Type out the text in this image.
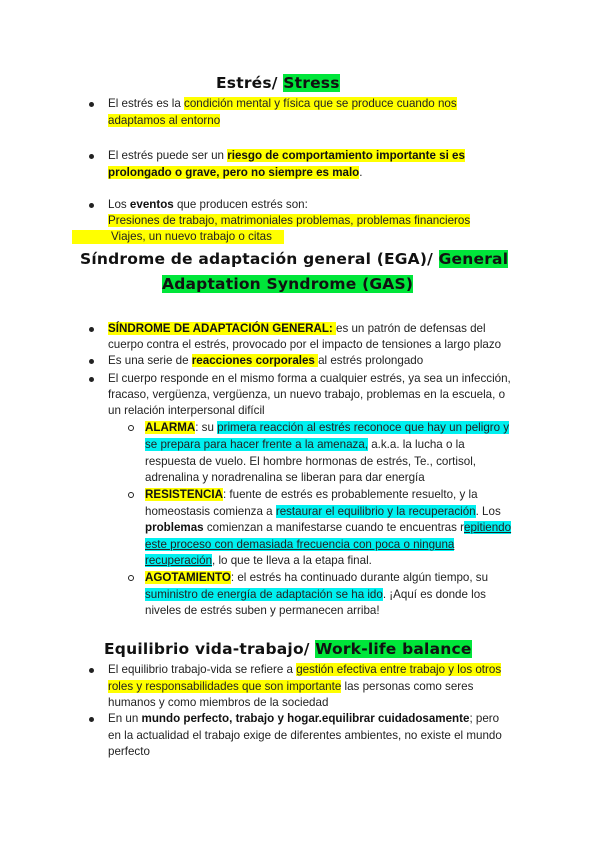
Estrés/ Stress
El estrés es la condición mental y física que se produce cuando nos
adaptamos al entorno
El estrés puede ser un riesgo de comportamiento importante si es
prolongado o grave, pero no siempre es malo.
Los eventos que producen estrés son:
Presiones de trabajo, matrimoniales problemas, problemas financieros
Viajes, un nuevo trabajo o citas
Síndrome de adaptación general (EGA)/ General
Adaptation Syndrome (GAS)
SÍNDROME DE ADAPTACIÓN GENERAL: es un patrón de defensas del
cuerpo contra el estrés, provocado por el impacto de tensiones a largo plazo
Es una serie de reacciones corporales al estrés prolongado
El cuerpo responde en el mismo forma a cualquier estrés, ya sea un infección,
fracaso, vergüenza, vergüenza, un nuevo trabajo, problemas en la escuela, o
un relación interpersonal difícil
ALARMA: su primera reacción al estrés reconoce que hay un peligro y
se prepara para hacer frente a la amenaza, a.k.a. la lucha o la
respuesta de vuelo. El hombre hormonas de estrés, Te., cortisol,
adrenalina y noradrenalina se liberan para dar energía
RESISTENCIA: fuente de estrés es probablemente resuelto, y la
homeostasis comienza a restaurar el equilibrio y la recuperación. Los
problemas comienzan a manifestarse cuando te encuentras repitiendo
este proceso con demasiada frecuencia con poca o ninguna
recuperación, lo que te lleva a la etapa final.
AGOTAMIENTO: el estrés ha continuado durante algún tiempo, su
suministro de energía de adaptación se ha ido. ¡Aquí es donde los
niveles de estrés suben y permanecen arriba!
Equilibrio vida-trabajo/ Work-life balance
El equilibrio trabajo-vida se refiere a gestión efectiva entre trabajo y los otros
roles y responsabilidades que son importante las personas como seres
humanos y como miembros de la sociedad
En un mundo perfecto, trabajo y hogar.equilibrar cuidadosamente; pero
en la actualidad el trabajo exige de diferentes ambientes, no existe el mundo
perfecto
